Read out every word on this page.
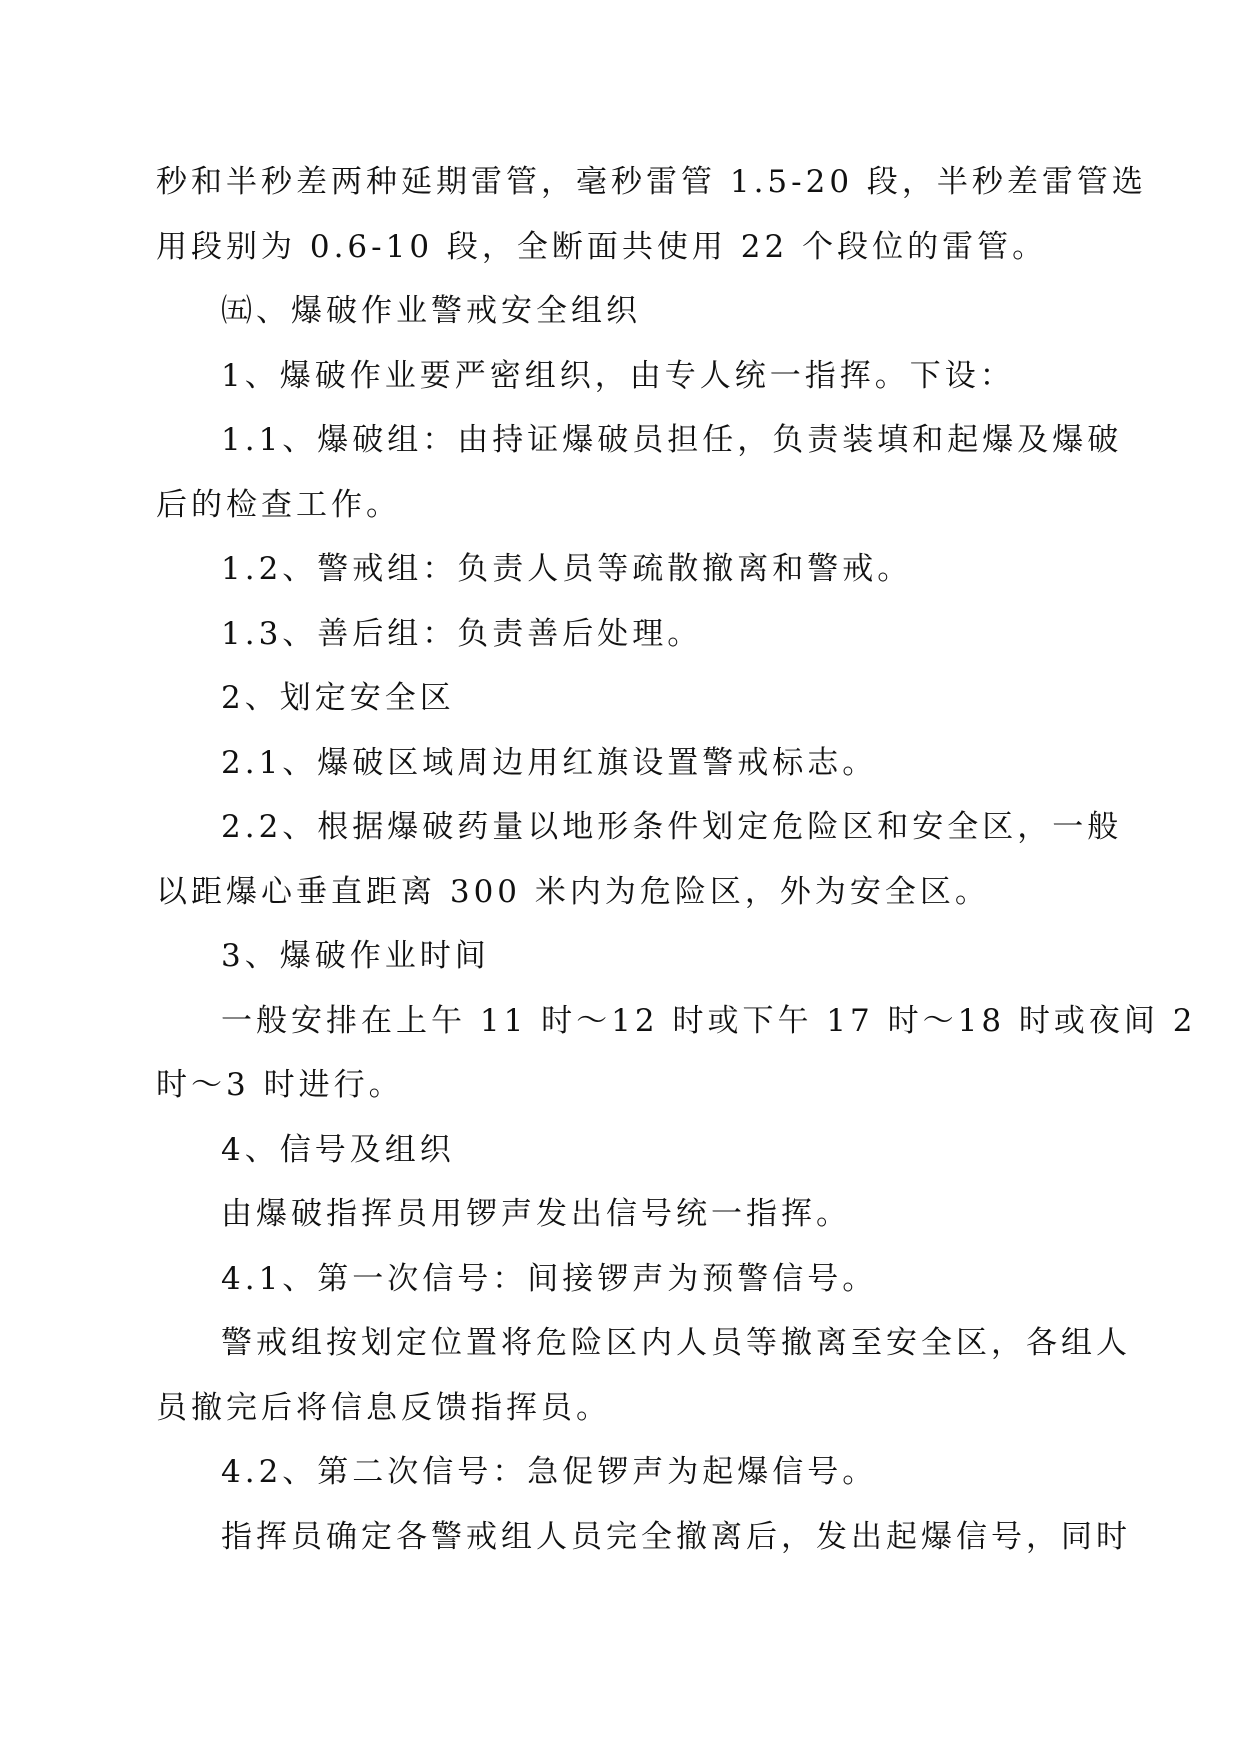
秒和半秒差两种延期雷管，毫秒雷管 1.5-20 段，半秒差雷管选
用段别为 0.6-10 段，全断面共使用 22 个段位的雷管。
㈤、爆破作业警戒安全组织
1、爆破作业要严密组织，由专人统一指挥。下设：
1.1、爆破组：由持证爆破员担任，负责装填和起爆及爆破
后的检查工作。
1.2、警戒组：负责人员等疏散撤离和警戒。
1.3、善后组：负责善后处理。
2、划定安全区
2.1、爆破区域周边用红旗设置警戒标志。
2.2、根据爆破药量以地形条件划定危险区和安全区，一般
以距爆心垂直距离 300 米内为危险区，外为安全区。
3、爆破作业时间
一般安排在上午 11 时～12 时或下午 17 时～18 时或夜间 2
时～3 时进行。
4、信号及组织
由爆破指挥员用锣声发出信号统一指挥。
4.1、第一次信号：间接锣声为预警信号。
警戒组按划定位置将危险区内人员等撤离至安全区，各组人
员撤完后将信息反馈指挥员。
4.2、第二次信号：急促锣声为起爆信号。
指挥员确定各警戒组人员完全撤离后，发出起爆信号，同时
